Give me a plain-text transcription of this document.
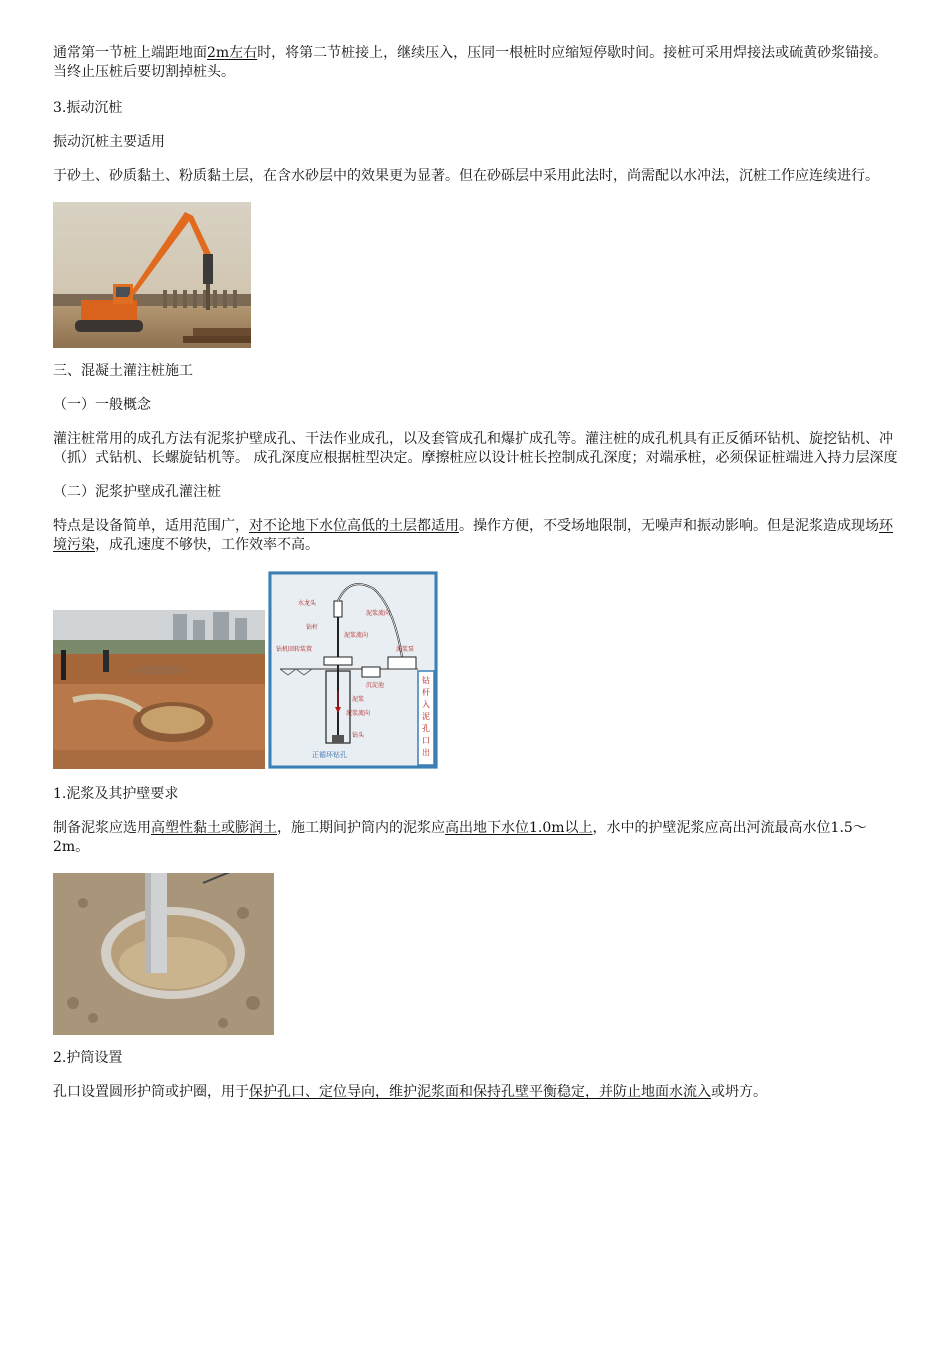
通常第一节桩上端距地面2m左右时，将第二节桩接上，继续压入，压同一根桩时应缩短停歇时间。接桩可采用焊接法或硫黄砂浆锚接。当终止压桩后要切割掉桩头。

3.振动沉桩

振动沉桩主要适用

于砂土、砂质黏土、粉质黏土层，在含水砂层中的效果更为显著。但在砂砾层中采用此法时，尚需配以水冲法，沉桩工作应连续进行。

三、混凝土灌注桩施工

（一）一般概念

灌注桩常用的成孔方法有泥浆护壁成孔、干法作业成孔，以及套管成孔和爆扩成孔等。灌注桩的成孔机具有正反循环钻机、旋挖钻机、冲（抓）式钻机、长螺旋钻机等。 成孔深度应根据桩型决定。摩擦桩应以设计桩长控制成孔深度；对端承桩，必须保证桩端进入持力层深度

（二）泥浆护壁成孔灌注桩

特点是设备简单，适用范围广，对不论地下水位高低的土层都适用。操作方便，不受场地限制，无噪声和振动影响。但是泥浆造成现场环境污染，成孔速度不够快，工作效率不高。

水龙头
钻杆
泥浆流向
泥浆流向
钻机回转装置	泥浆泵
沉淀池
泥浆
泥浆流向
钻头
正循环钻孔
钻
杆
入
泥
孔
口
出

1.泥浆及其护壁要求

制备泥浆应选用高塑性黏土或膨润土，施工期间护筒内的泥浆应高出地下水位1.0m以上，水中的护壁泥浆应高出河流最高水位1.5～2m。

2.护筒设置

孔口设置圆形护筒或护圈，用于保护孔口、定位导向，维护泥浆面和保持孔壁平衡稳定，并防止地面水流入或坍方。
